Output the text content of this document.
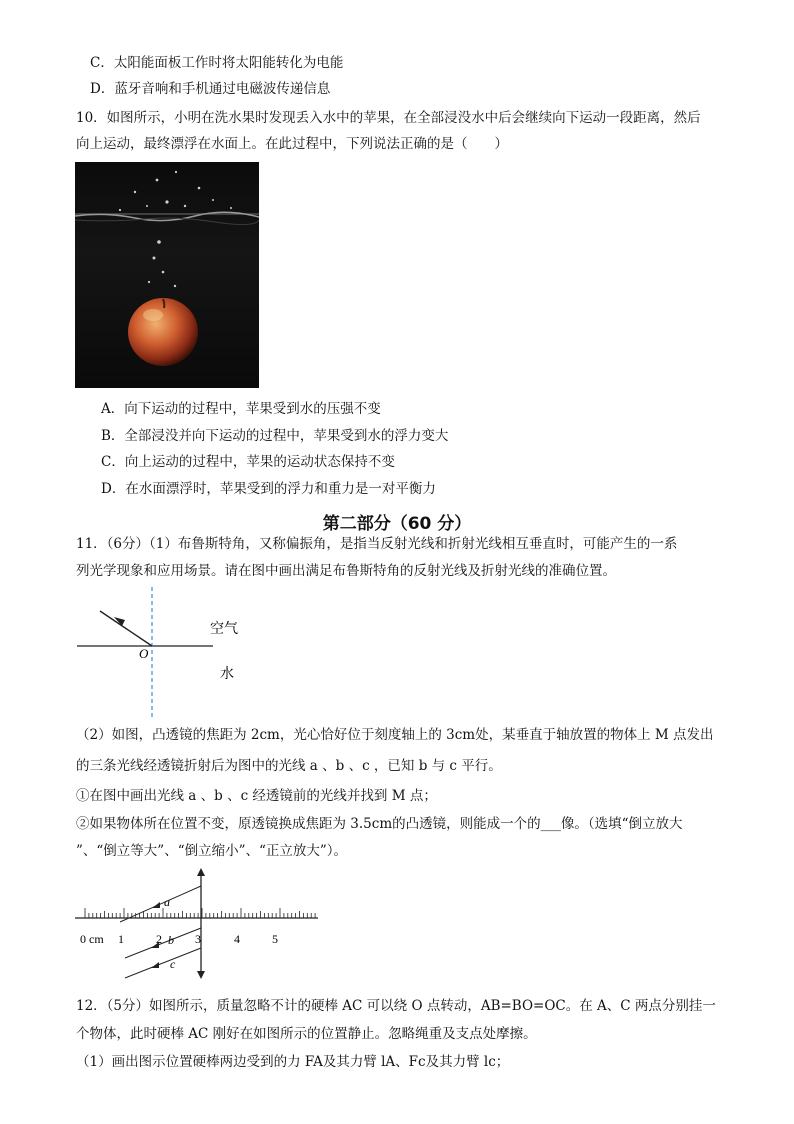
C．太阳能面板工作时将太阳能转化为电能
D．蓝牙音响和手机通过电磁波传递信息
10．如图所示，小明在洗水果时发现丢入水中的苹果，在全部浸没水中后会继续向下运动一段距离，然后
向上运动，最终漂浮在水面上。在此过程中，下列说法正确的是（　　）
A．向下运动的过程中，苹果受到水的压强不变
B．全部浸没并向下运动的过程中，苹果受到水的浮力变大
C．向上运动的过程中，苹果的运动状态保持不变
D．在水面漂浮时，苹果受到的浮力和重力是一对平衡力
第二部分（60 分）
11．（6分）（1）布鲁斯特角，又称偏振角，是指当反射光线和折射光线相互垂直时，可能产生的一系
列光学现象和应用场景。请在图中画出满足布鲁斯特角的反射光线及折射光线的准确位置。
O
空气
水
（2）如图，凸透镜的焦距为 2cm，光心恰好位于刻度轴上的 3cm处，某垂直于轴放置的物体上 M 点发出
的三条光线经透镜折射后为图中的光线 a 、b 、c ，已知 b 与 c 平行。
①在图中画出光线 a 、b 、c 经透镜前的光线并找到 M 点；
②如果物体所在位置不变，原透镜换成焦距为 3.5cm的凸透镜，则能成一个的___像。（选填“倒立放大
”、“倒立等大”、“倒立缩小”、“正立放大”）。
a
b
c
0 cm 1	2	3	4	5
12．（5分）如图所示，质量忽略不计的硬棒 AC 可以绕 O 点转动，AB=BO=OC。在 A、C 两点分别挂一
个物体，此时硬棒 AC 刚好在如图所示的位置静止。忽略绳重及支点处摩擦。
（1）画出图示位置硬棒两边受到的力 FA及其力臂 lA、Fc及其力臂 lc；
